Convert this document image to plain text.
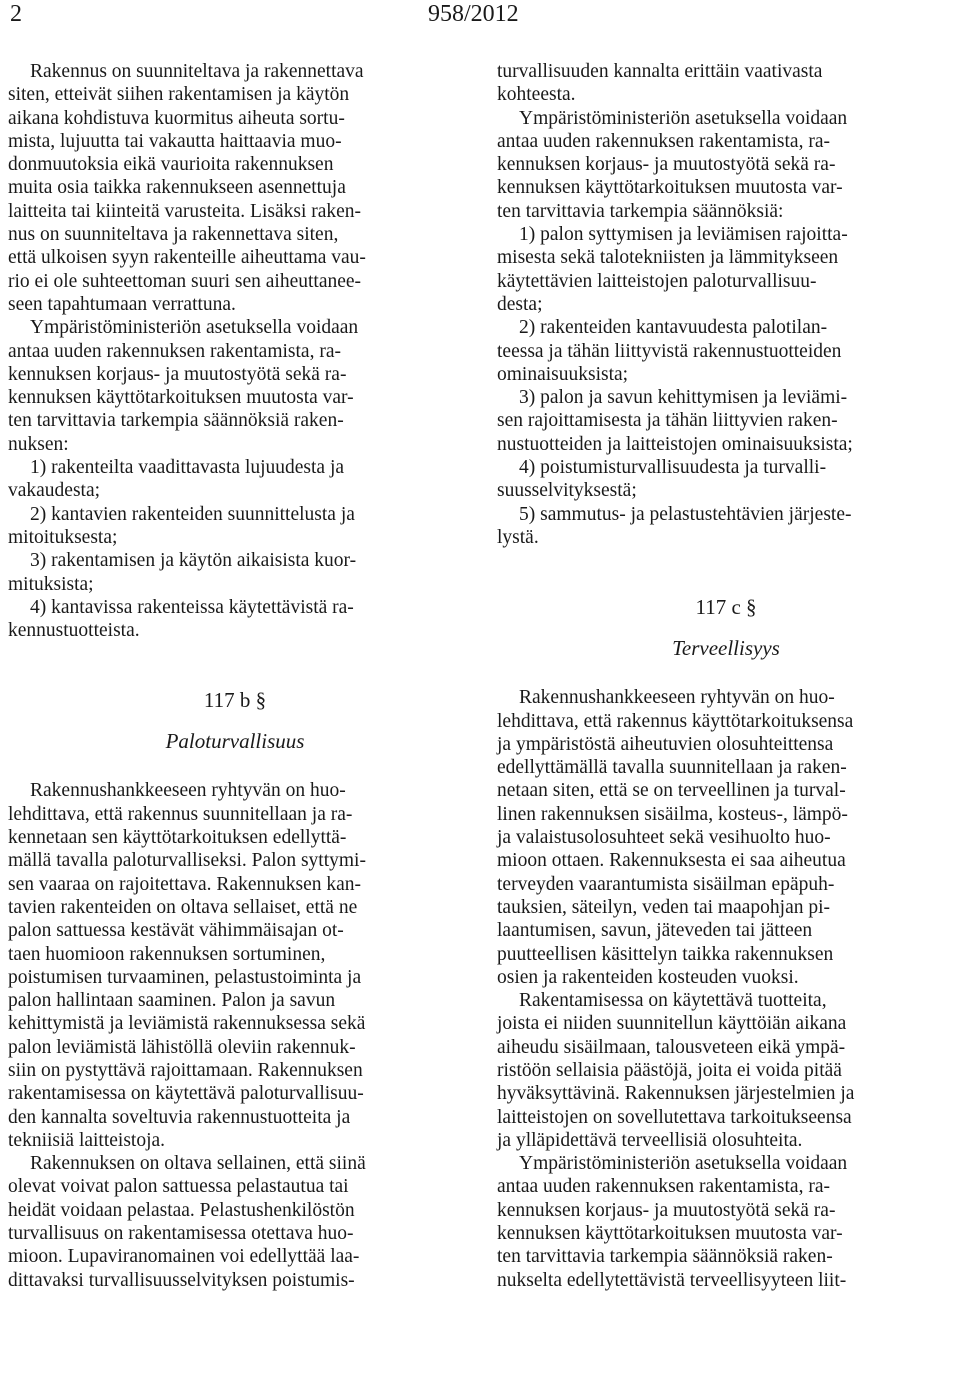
2	958/2012

Rakennus on suunniteltava ja rakennettava
siten, etteivät siihen rakentamisen ja käytön
aikana kohdistuva kuormitus aiheuta sortu-
mista, lujuutta tai vakautta haittaavia muo-
donmuutoksia eikä vaurioita rakennuksen
muita osia taikka rakennukseen asennettuja
laitteita tai kiinteitä varusteita. Lisäksi raken-
nus on suunniteltava ja rakennettava siten,
että ulkoisen syyn rakenteille aiheuttama vau-
rio ei ole suhteettoman suuri sen aiheuttanee-
seen tapahtumaan verrattuna.

Ympäristöministeriön asetuksella voidaan
antaa uuden rakennuksen rakentamista, ra-
kennuksen korjaus- ja muutostyötä sekä ra-
kennuksen käyttötarkoituksen muutosta var-
ten tarvittavia tarkempia säännöksiä raken-
nuksen:

1) rakenteilta vaadittavasta lujuudesta ja
vakaudesta;

2) kantavien rakenteiden suunnittelusta ja
mitoituksesta;

3) rakentamisen ja käytön aikaisista kuor-
mituksista;

4) kantavissa rakenteissa käytettävistä ra-
kennustuotteista.

117 b §

Paloturvallisuus

Rakennushankkeeseen ryhtyvän on huo-
lehdittava, että rakennus suunnitellaan ja ra-
kennetaan sen käyttötarkoituksen edellyttä-
mällä tavalla paloturvalliseksi. Palon syttymi-
sen vaaraa on rajoitettava. Rakennuksen kan-
tavien rakenteiden on oltava sellaiset, että ne
palon sattuessa kestävät vähimmäisajan ot-
taen huomioon rakennuksen sortuminen,
poistumisen turvaaminen, pelastustoiminta ja
palon hallintaan saaminen. Palon ja savun
kehittymistä ja leviämistä rakennuksessa sekä
palon leviämistä lähistöllä oleviin rakennuk-
siin on pystyttävä rajoittamaan. Rakennuksen
rakentamisessa on käytettävä paloturvallisuu-
den kannalta soveltuvia rakennustuotteita ja
tekniisiä laitteistoja.

Rakennuksen on oltava sellainen, että siinä
olevat voivat palon sattuessa pelastautua tai
heidät voidaan pelastaa. Pelastushenkilöstön
turvallisuus on rakentamisessa otettava huo-
mioon. Lupaviranomainen voi edellyttää laa-
dittavaksi turvallisuusselvityksen poistumis-

turvallisuuden kannalta erittäin vaativasta
kohteesta.

Ympäristöministeriön asetuksella voidaan
antaa uuden rakennuksen rakentamista, ra-
kennuksen korjaus- ja muutostyötä sekä ra-
kennuksen käyttötarkoituksen muutosta var-
ten tarvittavia tarkempia säännöksiä:

1) palon syttymisen ja leviämisen rajoitta-
misesta sekä talotekniisten ja lämmitykseen
käytettävien laitteistojen paloturvallisuu-
desta;

2) rakenteiden kantavuudesta palotilan-
teessa ja tähän liittyvistä rakennustuotteiden
ominaisuuksista;

3) palon ja savun kehittymisen ja leviämi-
sen rajoittamisesta ja tähän liittyvien raken-
nustuotteiden ja laitteistojen ominaisuuksista;

4) poistumisturvallisuudesta ja turvalli-
suusselvityksestä;

5) sammutus- ja pelastustehtävien järjeste-
lystä.

117 c §

Terveellisyys

Rakennushankkeeseen ryhtyvän on huo-
lehdittava, että rakennus käyttötarkoituksensa
ja ympäristöstä aiheutuvien olosuhteittensa
edellyttämällä tavalla suunnitellaan ja raken-
netaan siten, että se on terveellinen ja turval-
linen rakennuksen sisäilma, kosteus-, lämpö-
ja valaistusolosuhteet sekä vesihuolto huo-
mioon ottaen. Rakennuksesta ei saa aiheutua
terveyden vaarantumista sisäilman epäpuh-
tauksien, säteilyn, veden tai maapohjan pi-
laantumisen, savun, jäteveden tai jätteen
puutteellisen käsittelyn taikka rakennuksen
osien ja rakenteiden kosteuden vuoksi.

Rakentamisessa on käytettävä tuotteita,
joista ei niiden suunnitellun käyttöiän aikana
aiheudu sisäilmaan, talousveteen eikä ympä-
ristöön sellaisia päästöjä, joita ei voida pitää
hyväksyttävinä. Rakennuksen järjestelmien ja
laitteistojen on sovellutettava tarkoitukseensa
ja ylläpidettävä terveellisiä olosuhteita.

Ympäristöministeriön asetuksella voidaan
antaa uuden rakennuksen rakentamista, ra-
kennuksen korjaus- ja muutostyötä sekä ra-
kennuksen käyttötarkoituksen muutosta var-
ten tarvittavia tarkempia säännöksiä raken-
nukselta edellytettävistä terveellisyyteen liit-
